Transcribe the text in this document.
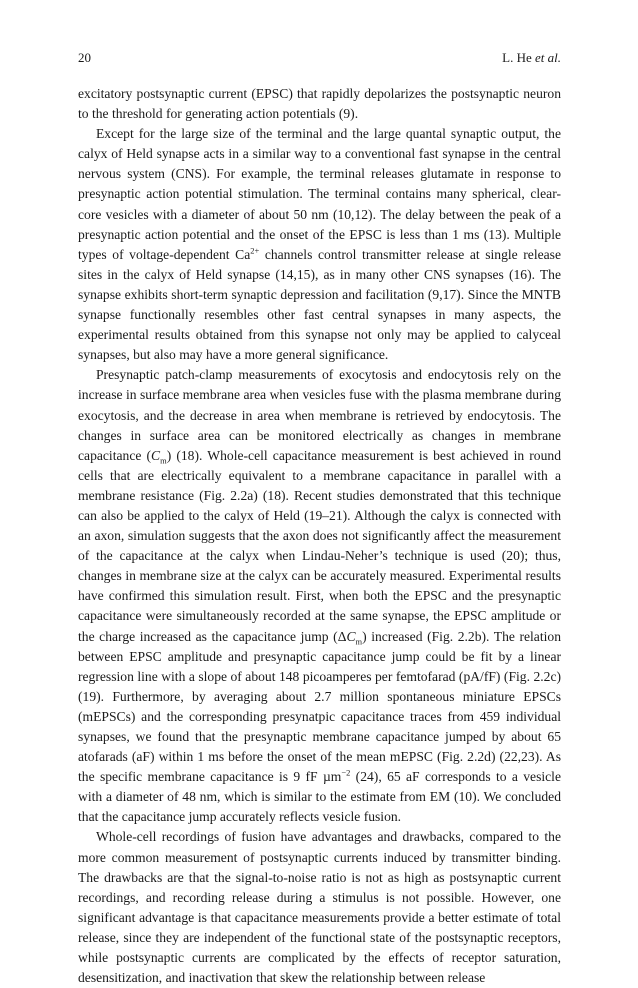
20	L. He et al.

excitatory postsynaptic current (EPSC) that rapidly depolarizes the postsynaptic neuron to the threshold for generating action potentials (9).

Except for the large size of the terminal and the large quantal synaptic output, the calyx of Held synapse acts in a similar way to a conventional fast synapse in the central nervous system (CNS). For example, the terminal releases glutamate in response to presynaptic action potential stimulation. The terminal contains many spherical, clear-core vesicles with a diameter of about 50 nm (10,12). The delay between the peak of a presynaptic action potential and the onset of the EPSC is less than 1 ms (13). Multiple types of voltage-dependent $Ca^{2+}$ channels control transmitter release at single release sites in the calyx of Held synapse (14,15), as in many other CNS synapses (16). The synapse exhibits short-term synaptic depression and facilitation (9,17). Since the MNTB synapse functionally resembles other fast central synapses in many aspects, the experimental results obtained from this synapse not only may be applied to calyceal synapses, but also may have a more general significance.

Presynaptic patch-clamp measurements of exocytosis and endocytosis rely on the increase in surface membrane area when vesicles fuse with the plasma membrane during exocytosis, and the decrease in area when membrane is retrieved by endocytosis. The changes in surface area can be monitored electrically as changes in membrane capacitance $(C_m)$ (18). Whole-cell capacitance measurement is best achieved in round cells that are electrically equivalent to a membrane capacitance in parallel with a membrane resistance (Fig. 2.2a) (18). Recent studies demonstrated that this technique can also be applied to the calyx of Held (19–21). Although the calyx is connected with an axon, simulation suggests that the axon does not significantly affect the measurement of the capacitance at the calyx when Lindau-Neher’s technique is used (20); thus, changes in membrane size at the calyx can be accurately measured. Experimental results have confirmed this simulation result. First, when both the EPSC and the presynaptic capacitance were simultaneously recorded at the same synapse, the EPSC amplitude or the charge increased as the capacitance jump $(\Delta C_m)$ increased (Fig. 2.2b). The relation between EPSC amplitude and presynaptic capacitance jump could be fit by a linear regression line with a slope of about 148 picoamperes per femtofarad (pA/fF) (Fig. 2.2c) (19). Furthermore, by averaging about 2.7 million spontaneous miniature EPSCs (mEPSCs) and the corresponding presynatpic capacitance traces from 459 individual synapses, we found that the presynaptic membrane capacitance jumped by about 65 atofarads (aF) within 1 ms before the onset of the mean mEPSC (Fig. 2.2d) (22,23). As the specific membrane capacitance is 9 fF µm$^{-2}$ (24), 65 aF corresponds to a vesicle with a diameter of 48 nm, which is similar to the estimate from EM (10). We concluded that the capacitance jump accurately reflects vesicle fusion.

Whole-cell recordings of fusion have advantages and drawbacks, compared to the more common measurement of postsynaptic currents induced by transmitter binding. The drawbacks are that the signal-to-noise ratio is not as high as postsynaptic current recordings, and recording release during a stimulus is not possible. However, one significant advantage is that capacitance measurements provide a better estimate of total release, since they are independent of the functional state of the postsynaptic receptors, while postsynaptic currents are complicated by the effects of receptor saturation, desensitization, and inactivation that skew the relationship between release
